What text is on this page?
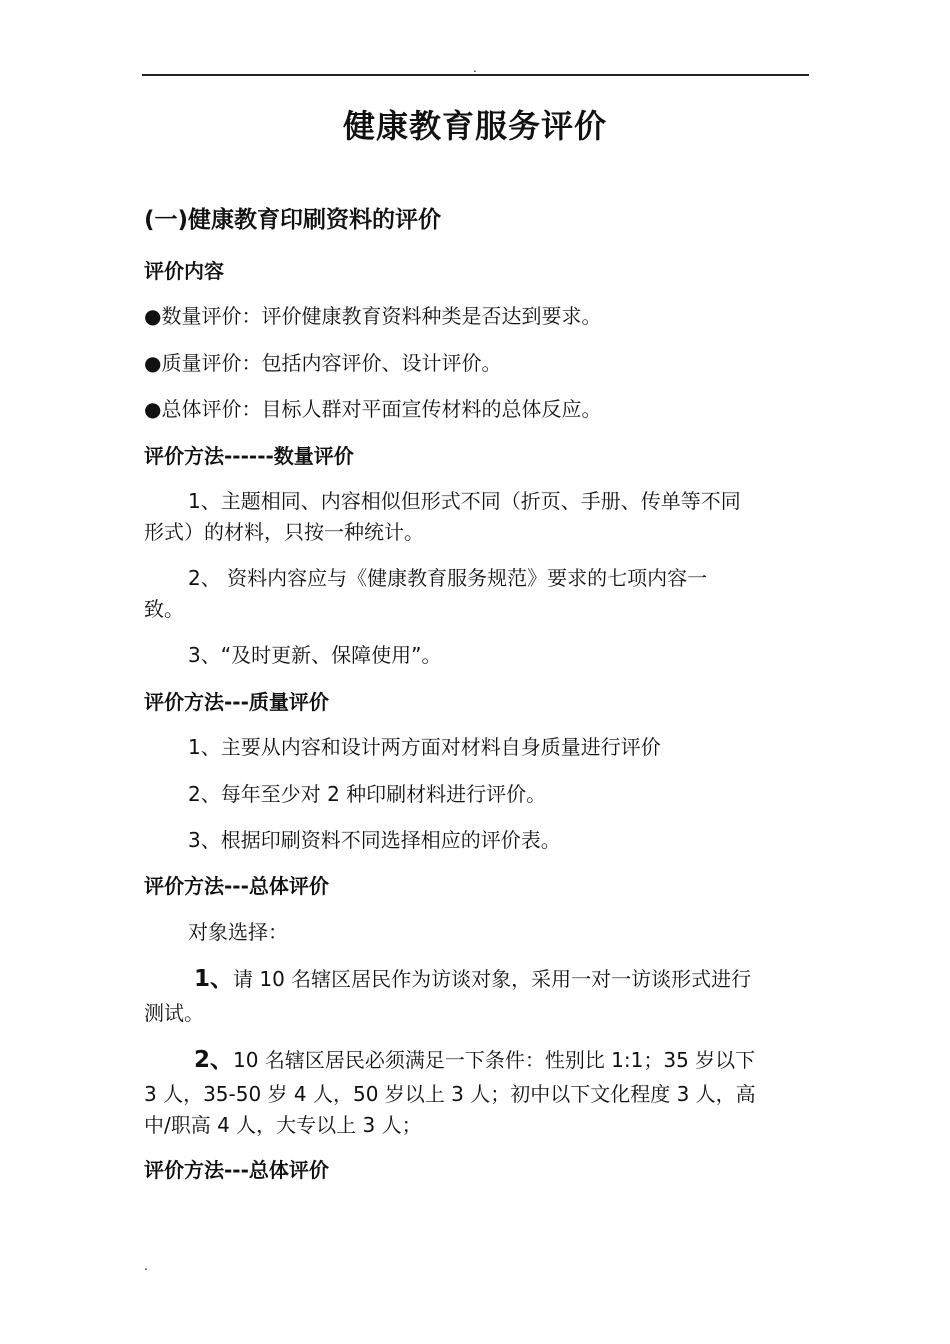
.
健康教育服务评价
(一)健康教育印刷资料的评价
评价内容
●数量评价：评价健康教育资料种类是否达到要求。
●质量评价：包括内容评价、设计评价。
●总体评价：目标人群对平面宣传材料的总体反应。
评价方法------数量评价
1、主题相同、内容相似但形式不同（折页、手册、传单等不同
形式）的材料，只按一种统计。
2、 资料内容应与《健康教育服务规范》要求的七项内容一
致。
3、“及时更新、保障使用”。
评价方法---质量评价
1、主要从内容和设计两方面对材料自身质量进行评价
2、每年至少对 2 种印刷材料进行评价。
3、根据印刷资料不同选择相应的评价表。
评价方法---总体评价
对象选择：
1、请 10 名辖区居民作为访谈对象，采用一对一访谈形式进行
测试。
2、10 名辖区居民必须满足一下条件：性别比 1:1；35 岁以下
3 人，35-50 岁 4 人，50 岁以上 3 人；初中以下文化程度 3 人，高
中/职高 4 人，大专以上 3 人；
评价方法---总体评价
.
